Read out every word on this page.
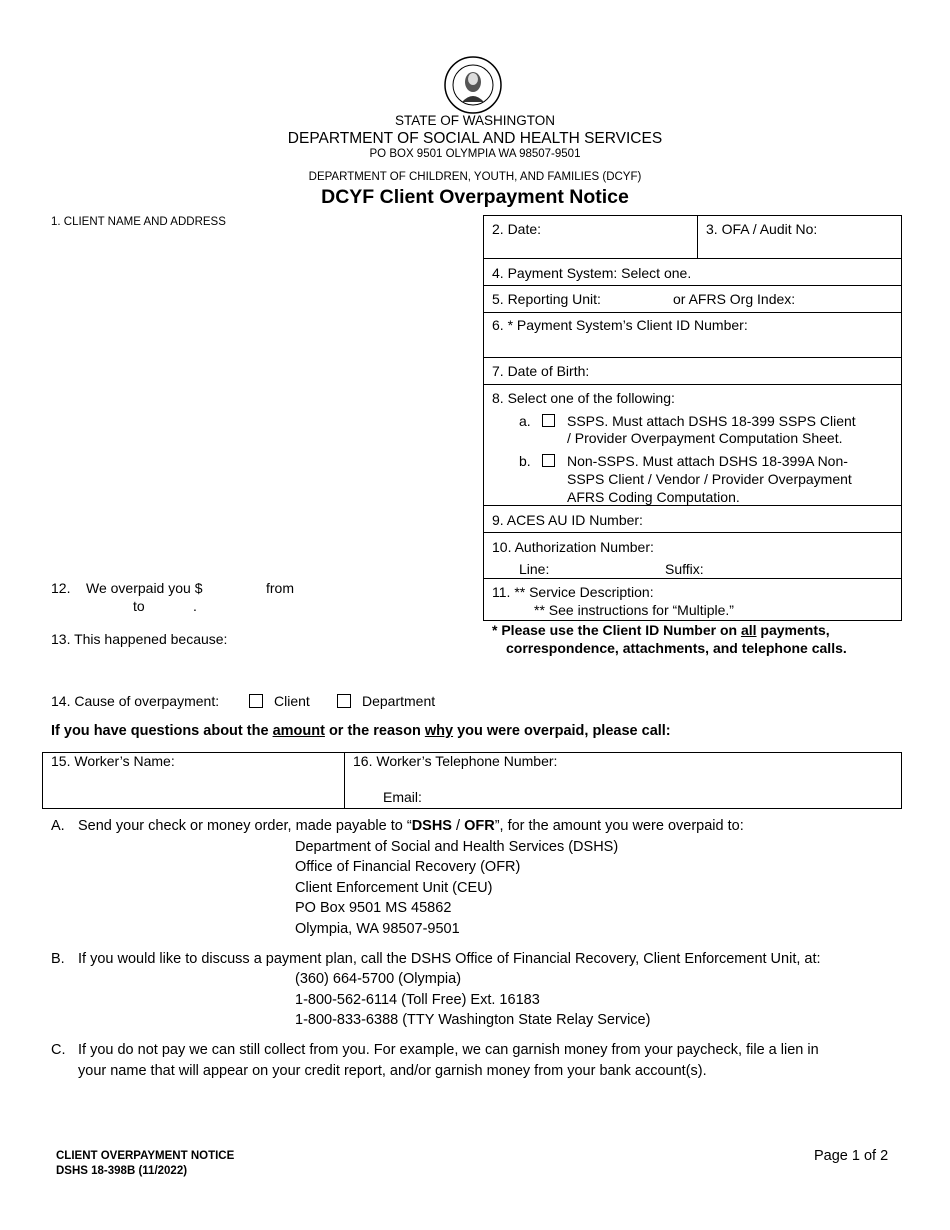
STATE OF WASHINGTON
DEPARTMENT OF SOCIAL AND HEALTH SERVICES
PO BOX 9501 OLYMPIA WA 98507-9501
DEPARTMENT OF CHILDREN, YOUTH, AND FAMILIES (DCYF)
DCYF Client Overpayment Notice
1. CLIENT NAME AND ADDRESS	2. Date:	3. OFA / Audit No:
4. Payment System: Select one.
5. Reporting Unit:	or AFRS Org Index:
6. * Payment System’s Client ID Number:
7. Date of Birth:
8. Select one of the following:
a.	SSPS. Must attach DSHS 18-399 SSPS Client
/ Provider Overpayment Computation Sheet.
b.	Non-SSPS. Must attach DSHS 18-399A Non-
SSPS Client / Vendor / Provider Overpayment
AFRS Coding Computation.
9. ACES AU ID Number:
10. Authorization Number:
Line:	Suffix:
11. ** Service Description:
** See instructions for “Multiple.”
* Please use the Client ID Number on all payments,
correspondence, attachments, and telephone calls.
12. We overpaid you $	from
to	.
13. This happened because:
14. Cause of overpayment:	Client	Department
If you have questions about the amount or the reason why you were overpaid, please call:
15. Worker’s Name:	16. Worker’s Telephone Number:
Email:
A. Send your check or money order, made payable to “DSHS / OFR”, for the amount you were overpaid to:
Department of Social and Health Services (DSHS)
Office of Financial Recovery (OFR)
Client Enforcement Unit (CEU)
PO Box 9501 MS 45862
Olympia, WA 98507-9501
B. If you would like to discuss a payment plan, call the DSHS Office of Financial Recovery, Client Enforcement Unit, at:
(360) 664-5700 (Olympia)
1-800-562-6114 (Toll Free) Ext. 16183
1-800-833-6388 (TTY Washington State Relay Service)
C. If you do not pay we can still collect from you. For example, we can garnish money from your paycheck, file a lien in
your name that will appear on your credit report, and/or garnish money from your bank account(s).
CLIENT OVERPAYMENT NOTICE
DSHS 18-398B (11/2022)
Page 1 of 2
